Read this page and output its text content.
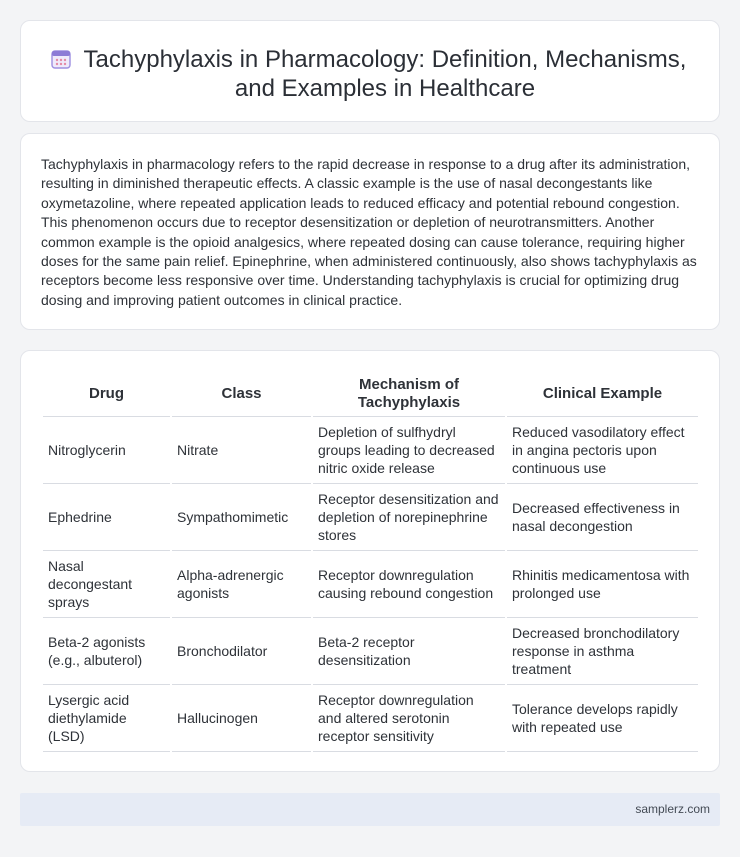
Tachyphylaxis in Pharmacology: Definition, Mechanisms, and Examples in Healthcare

Tachyphylaxis in pharmacology refers to the rapid decrease in response to a drug after its administration, resulting in diminished therapeutic effects. A classic example is the use of nasal decongestants like oxymetazoline, where repeated application leads to reduced efficacy and potential rebound congestion. This phenomenon occurs due to receptor desensitization or depletion of neurotransmitters. Another common example is the opioid analgesics, where repeated dosing can cause tolerance, requiring higher doses for the same pain relief. Epinephrine, when administered continuously, also shows tachyphylaxis as receptors become less responsive over time. Understanding tachyphylaxis is crucial for optimizing drug dosing and improving patient outcomes in clinical practice.

Drug	Class	Mechanism of Tachyphylaxis	Clinical Example
Nitroglycerin	Nitrate	Depletion of sulfhydryl groups leading to decreased nitric oxide release	Reduced vasodilatory effect in angina pectoris upon continuous use
Ephedrine	Sympathomimetic	Receptor desensitization and depletion of norepinephrine stores	Decreased effectiveness in nasal decongestion
Nasal decongestant sprays	Alpha-adrenergic agonists	Receptor downregulation causing rebound congestion	Rhinitis medicamentosa with prolonged use
Beta-2 agonists (e.g., albuterol)	Bronchodilator	Beta-2 receptor desensitization	Decreased bronchodilatory response in asthma treatment
Lysergic acid diethylamide (LSD)	Hallucinogen	Receptor downregulation and altered serotonin receptor sensitivity	Tolerance develops rapidly with repeated use
samplerz.com
